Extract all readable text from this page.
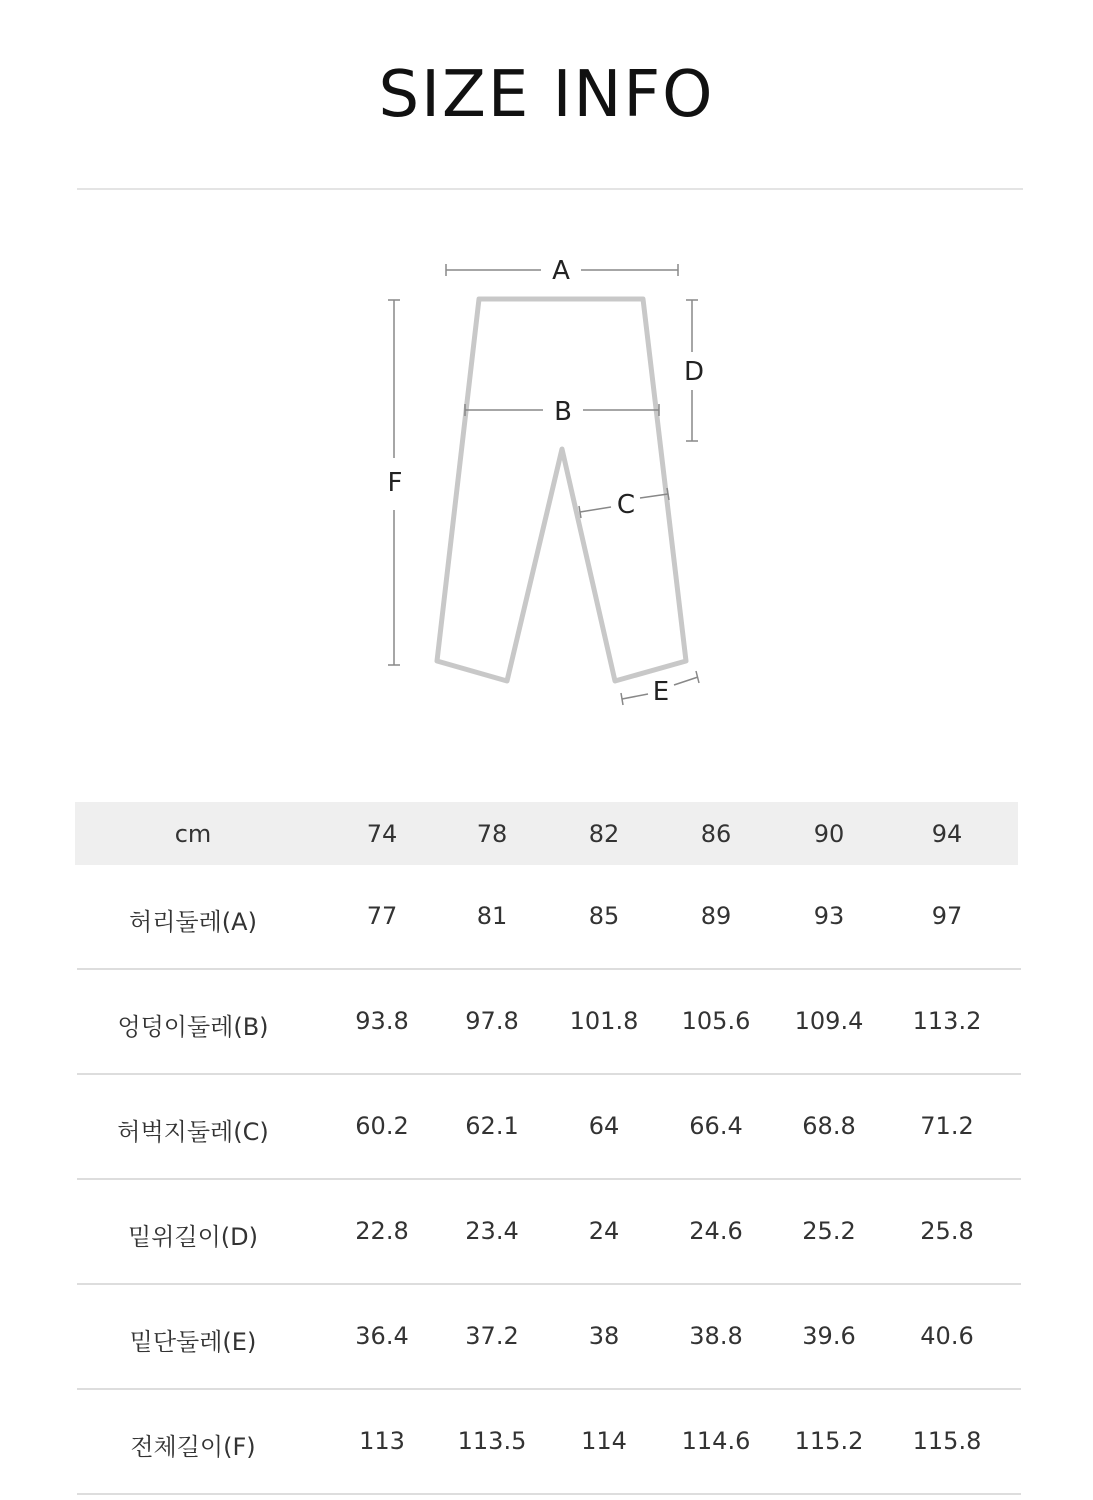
SIZE INFO
A
B
C
D
E
F
cm	74	78	82	86	90	94
허리둘레(A)	77	81	85	89	93	97
엉덩이둘레(B)	93.8 97.8 101.8 105.6 109.4 113.2
허벅지둘레(C)	60.2 62.1	64	66.4 68.8	71.2
밑위길이(D)	22.8 23.4	24	24.6 25.2	25.8
밑단둘레(E)	36.4 37.2	38	38.8 39.6	40.6
전체길이(F)	113 113.5 114 114.6 115.2 115.8
